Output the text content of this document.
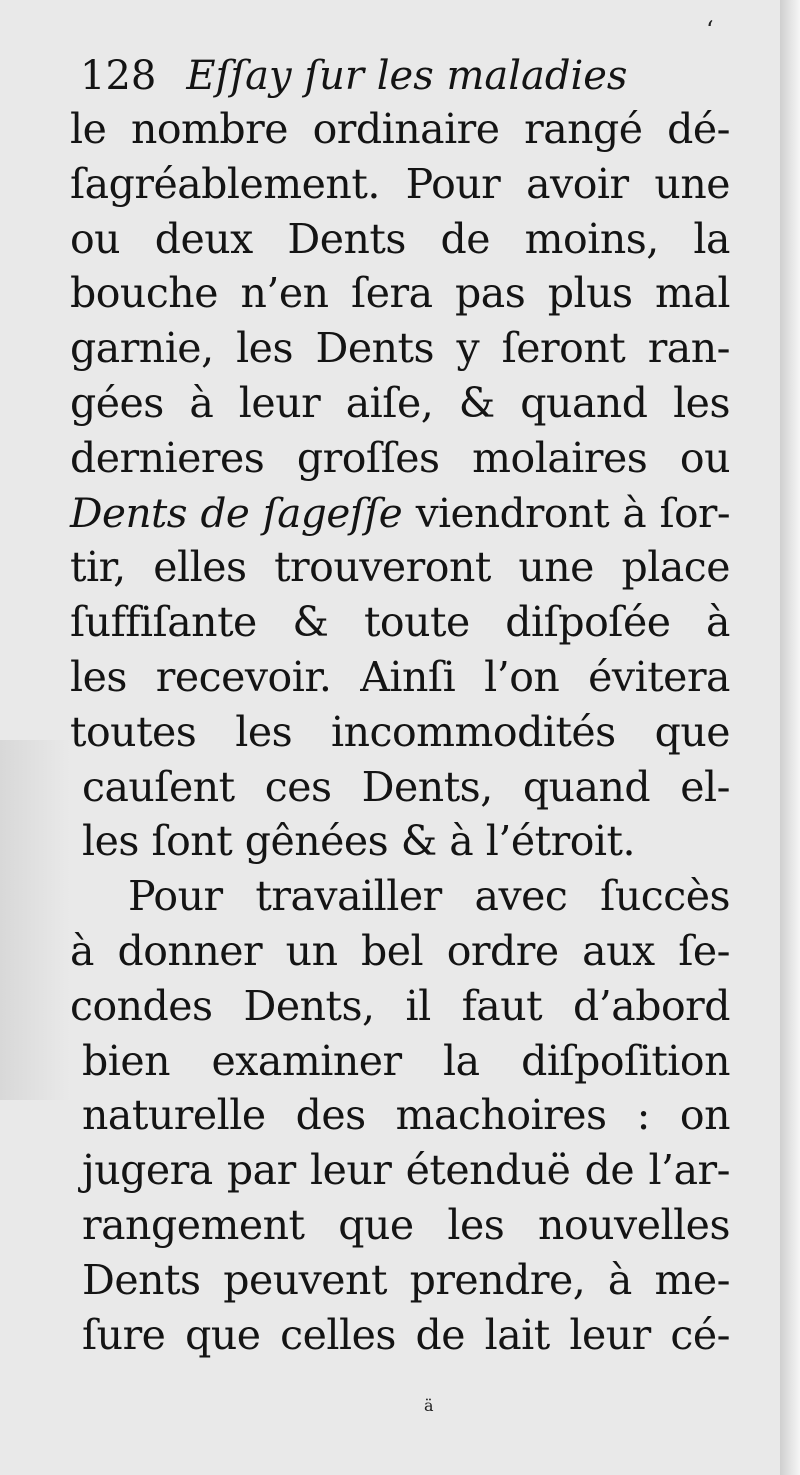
‘
128 Eſſay ſur les maladies
le nombre ordinaire rangé dé-
ſagréablement. Pour avoir une
ou deux Dents de moins, la
bouche n’en ſera pas plus mal
garnie, les Dents y ſeront ran-
gées à leur aiſe, & quand les
dernieres groſſes molaires ou
Dents de ſageſſe viendront à ſor-
tir, elles trouveront une place
ſuffiſante & toute diſpoſée à
les recevoir. Ainſi l’on évitera
toutes les incommodités que
cauſent ces Dents, quand el-
les ſont gênées & à l’étroit.
Pour travailler avec ſuccès
à donner un bel ordre aux ſe-
condes Dents, il faut d’abord
bien examiner la diſpoſition
naturelle des machoires : on
jugera par leur étenduë de l’ar-
rangement que les nouvelles
Dents peuvent prendre, à me-
ſure que celles de lait leur cé-
ä
